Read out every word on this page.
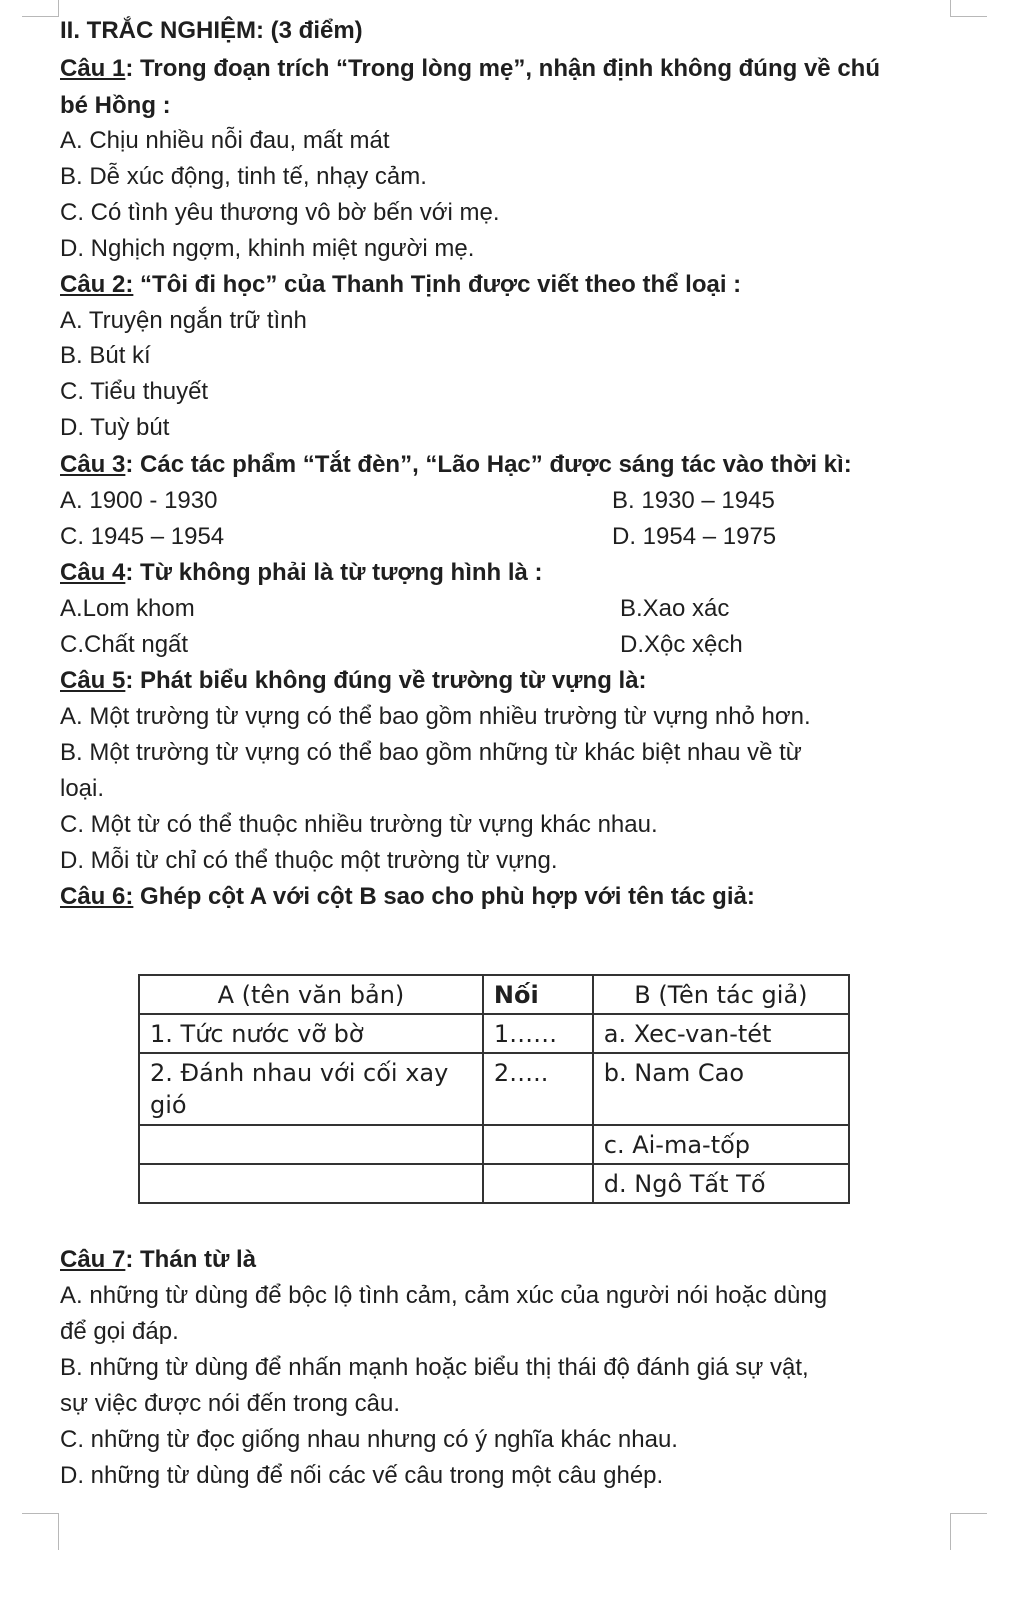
II. TRẮC NGHIỆM: (3 điểm)
Câu 1: Trong đoạn trích “Trong lòng mẹ”, nhận định không đúng về chú
bé Hồng :
A. Chịu nhiều nỗi đau, mất mát
B. Dễ xúc động, tinh tế, nhạy cảm.
C. Có tình yêu thương vô bờ bến với mẹ.
D. Nghịch ngợm, khinh miệt người mẹ.
Câu 2: “Tôi đi học” của Thanh Tịnh được viết theo thể loại :
A. Truyện ngắn trữ tình
B. Bút kí
C. Tiểu thuyết
D. Tuỳ bút
Câu 3: Các tác phẩm “Tắt đèn”, “Lão Hạc” được sáng tác vào thời kì:
A. 1900 - 1930	B. 1930 – 1945
C. 1945 – 1954	D. 1954 – 1975
Câu 4: Từ không phải là từ tượng hình là :
A.Lom khom	B.Xao xác
C.Chất ngất	D.Xộc xệch
Câu 5: Phát biểu không đúng về trường từ vựng là:
A. Một trường từ vựng có thể bao gồm nhiều trường từ vựng nhỏ hơn.
B. Một trường từ vựng có thể bao gồm những từ khác biệt nhau về từ
loại.
C. Một từ có thể thuộc nhiều trường từ vựng khác nhau.
D. Mỗi từ chỉ có thể thuộc một trường từ vựng.
Câu 6: Ghép cột A với cột B sao cho phù hợp với tên tác giả:
A (tên văn bản)	Nối	B (Tên tác giả)
1. Tức nước vỡ bờ	1……	a. Xec-van-tét
2. Đánh nhau với cối xay gió	2…..	b. Nam Cao
		c. Ai-ma-tốp
		d. Ngô Tất Tố
Câu 7: Thán từ là
A. những từ dùng để bộc lộ tình cảm, cảm xúc của người nói hoặc dùng
để gọi đáp.
B. những từ dùng để nhấn mạnh hoặc biểu thị thái độ đánh giá sự vật,
sự việc được nói đến trong câu.
C. những từ đọc giống nhau nhưng có ý nghĩa khác nhau.
D. những từ dùng để nối các vế câu trong một câu ghép.
